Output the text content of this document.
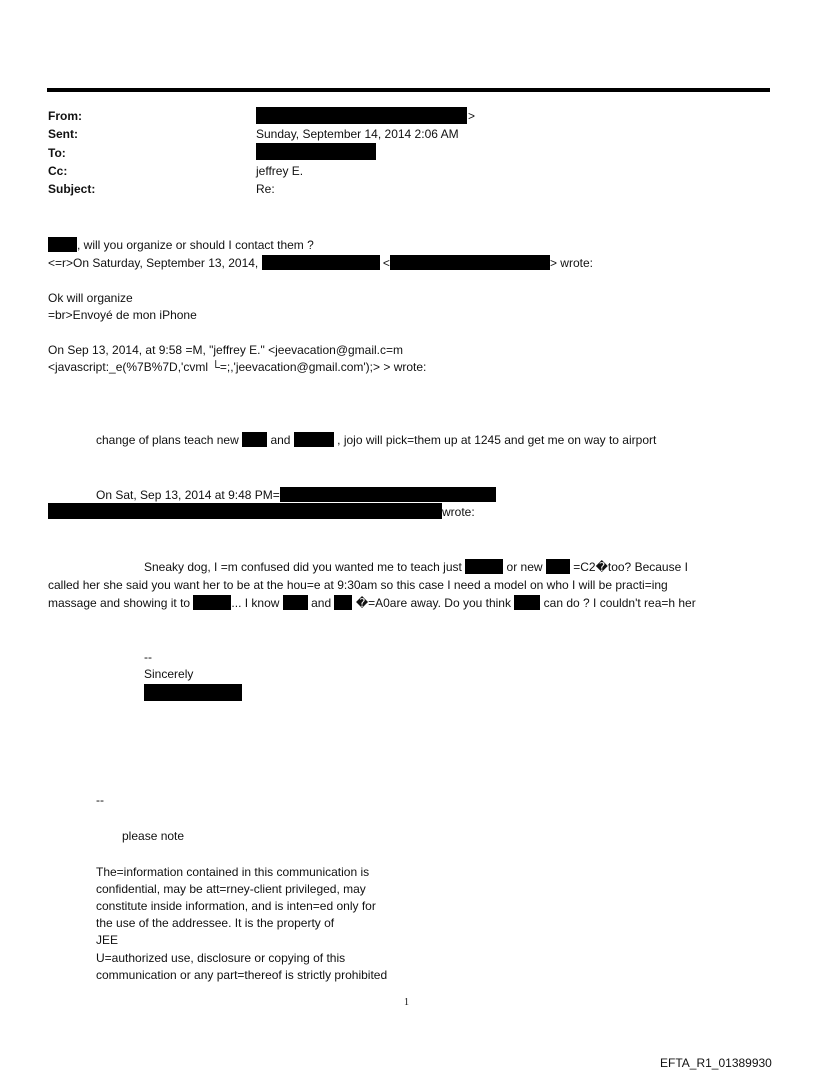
From:	>
Sent:	Sunday, September 14, 2014 2:06 AM
To:
Cc:	jeffrey E.
Subject:	Re:
, will you organize or should I contact them ?
<=r>On Saturday, September 13, 2014,	<	> wrote:
Ok will organize
=br>Envoyé de mon iPhone
On Sep 13, 2014, at 9:58 =M, "jeffrey E." <jeevacation@gmail.c=m
<javascript:_e(%7B%7D,'cvml └=;,'jeevacation@gmail.com');> > wrote:
change of plans teach new  and	, jojo will pick=them up at 1245 and get me on way to airport
On Sat, Sep 13, 2014 at 9:48 PM=
wrote:
Sneaky dog, I =m confused did you wanted me to teach just	or new  =C2�too? Because I
called her she said you want her to be at the hou=e at 9:30am so this case I need a model on who I will be practi=ing
massage and showing it to	... I know  and  �=A0are away. Do you think  can do ? I couldn't rea=h her
--
Sincerely
--
please note
The=information contained in this communication is
confidential, may be att=rney-client privileged, may
constitute inside information, and is inten=ed only for
the use of the addressee. It is the property of
JEE
U=authorized use, disclosure or copying of this
communication or any part=thereof is strictly prohibited
1
EFTA_R1_01389930
